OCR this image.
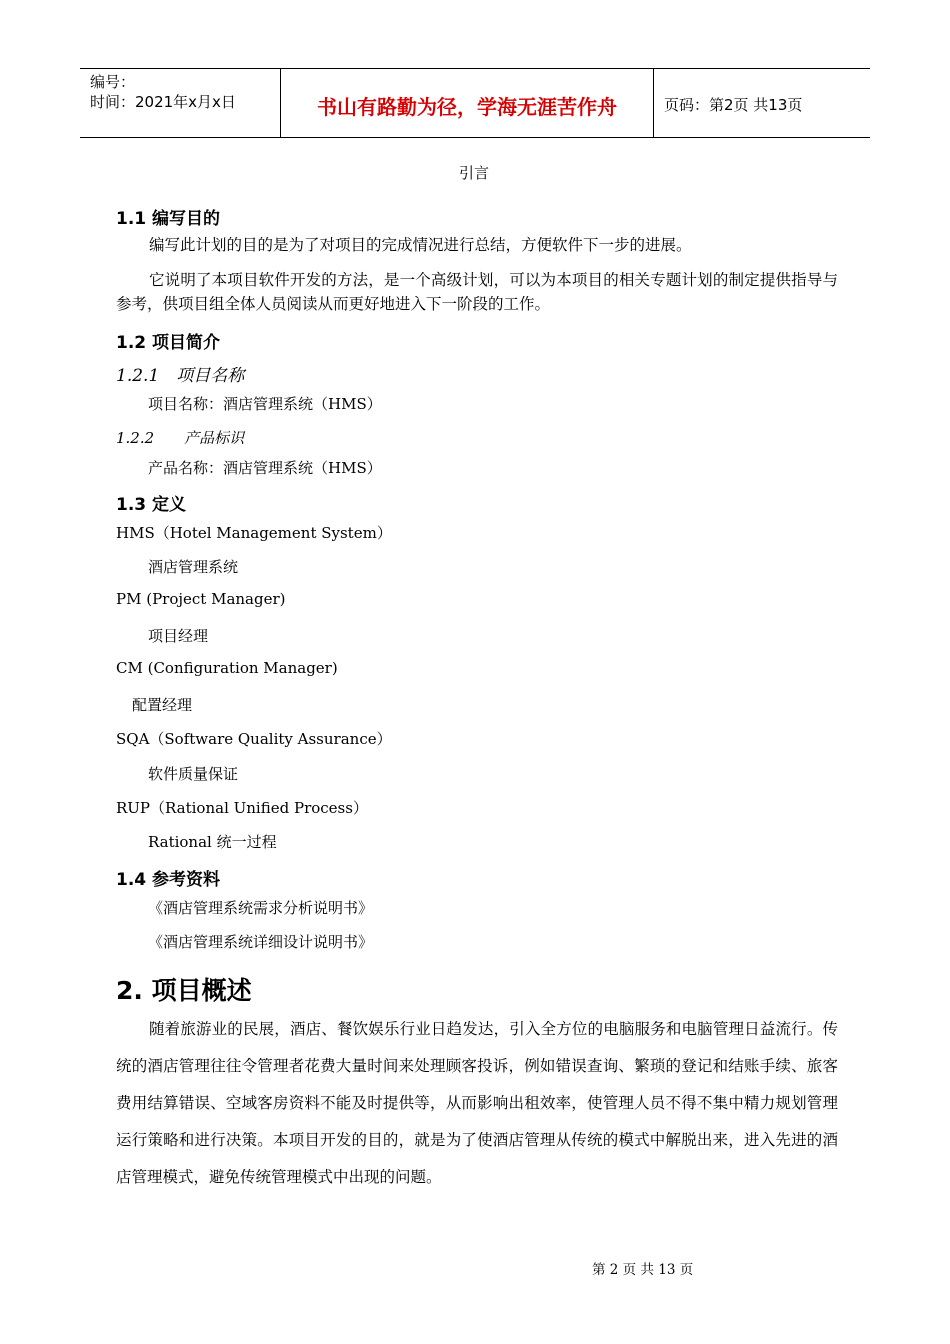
编号：
时间：2021年x月x日	书山有路勤为径，学海无涯苦作舟	页码：第2页 共13页
引言
1.1 编写目的
编写此计划的目的是为了对项目的完成情况进行总结，方便软件下一步的进展。
它说明了本项目软件开发的方法，是一个高级计划，可以为本项目的相关专题计划的制定提供指导与参考，供项目组全体人员阅读从而更好地进入下一阶段的工作。
1.2 项目简介
1.2.1　项目名称
项目名称：酒店管理系统（HMS）
1.2.2　　产品标识
产品名称：酒店管理系统（HMS）
1.3 定义
HMS（Hotel Management System）
酒店管理系统
PM (Project Manager)
项目经理
CM (Configuration Manager)
配置经理
SQA（Software Quality Assurance）
软件质量保证
RUP（Rational Unified Process）
Rational 统一过程
1.4 参考资料
《酒店管理系统需求分析说明书》
《酒店管理系统详细设计说明书》
2. 项目概述
随着旅游业的民展，酒店、餐饮娱乐行业日趋发达，引入全方位的电脑服务和电脑管理日益流行。传统的酒店管理往往令管理者花费大量时间来处理顾客投诉，例如错误查询、繁琐的登记和结账手续、旅客费用结算错误、空域客房资料不能及时提供等，从而影响出租效率，使管理人员不得不集中精力规划管理运行策略和进行决策。本项目开发的目的，就是为了使酒店管理从传统的模式中解脱出来，进入先进的酒店管理模式，避免传统管理模式中出现的问题。
第 2 页 共 13 页
